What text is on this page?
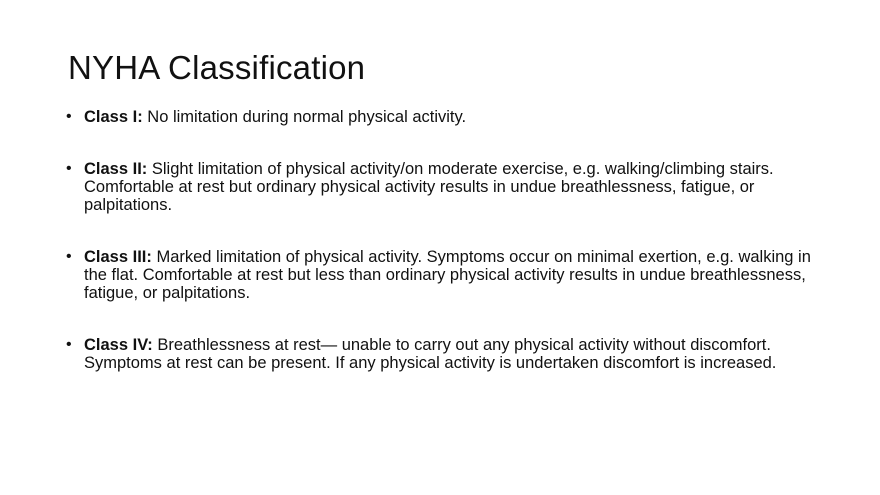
NYHA Classification
• Class I: No limitation during normal physical activity.
• Class II: Slight limitation of physical activity/on moderate exercise, e.g. walking/climbing stairs. Comfortable at rest but ordinary physical activity results in undue breathlessness, fatigue, or palpitations.
• Class III: Marked limitation of physical activity. Symptoms occur on minimal exertion, e.g. walking in the flat. Comfortable at rest but less than ordinary physical activity results in undue breathlessness, fatigue, or palpitations.
• Class IV: Breathlessness at rest— unable to carry out any physical activity without discomfort. Symptoms at rest can be present. If any physical activity is undertaken discomfort is increased.
